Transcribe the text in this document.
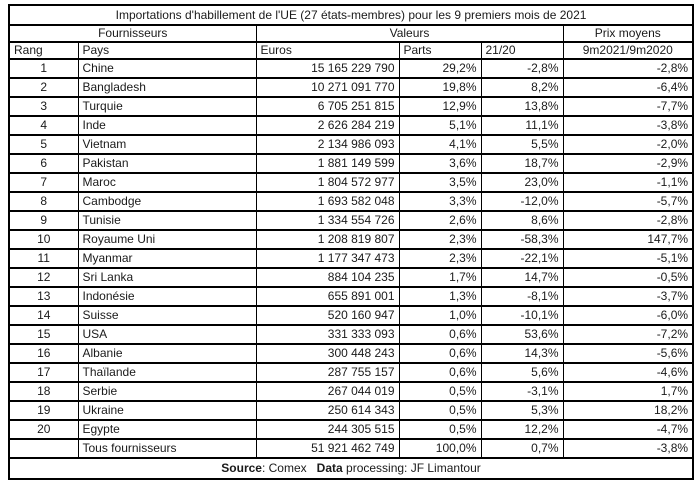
Importations d'habillement de l'UE (27 états-membres) pour les 9 premiers mois de 2021					
Fournisseurs		Valeurs			Prix moyens
Rang	Pays	Euros	Parts	21/20	9m2021/9m2020
1	Chine	15 165 229 790	29,2%	-2,8%	-2,8%
2	Bangladesh	10 271 091 770	19,8%	8,2%	-6,4%
3	Turquie	6 705 251 815	12,9%	13,8%	-7,7%
4	Inde	2 626 284 219	5,1%	11,1%	-3,8%
5	Vietnam	2 134 986 093	4,1%	5,5%	-2,0%
6	Pakistan	1 881 149 599	3,6%	18,7%	-2,9%
7	Maroc	1 804 572 977	3,5%	23,0%	-1,1%
8	Cambodge	1 693 582 048	3,3%	-12,0%	-5,7%
9	Tunisie	1 334 554 726	2,6%	8,6%	-2,8%
10	Royaume Uni	1 208 819 807	2,3%	-58,3%	147,7%
11	Myanmar	1 177 347 473	2,3%	-22,1%	-5,1%
12	Sri Lanka	884 104 235	1,7%	14,7%	-0,5%
13	Indonésie	655 891 001	1,3%	-8,1%	-3,7%
14	Suisse	520 160 947	1,0%	-10,1%	-6,0%
15	USA	331 333 093	0,6%	53,6%	-7,2%
16	Albanie	300 448 243	0,6%	14,3%	-5,6%
17	Thaïlande	287 755 157	0,6%	5,6%	-4,6%
18	Serbie	267 044 019	0,5%	-3,1%	1,7%
19	Ukraine	250 614 343	0,5%	5,3%	18,2%
20	Egypte	244 305 515	0,5%	12,2%	-4,7%
	Tous fournisseurs	51 921 462 749	100,0%	0,7%	-3,8%
Source: Comex Data processing: JF Limantour					
